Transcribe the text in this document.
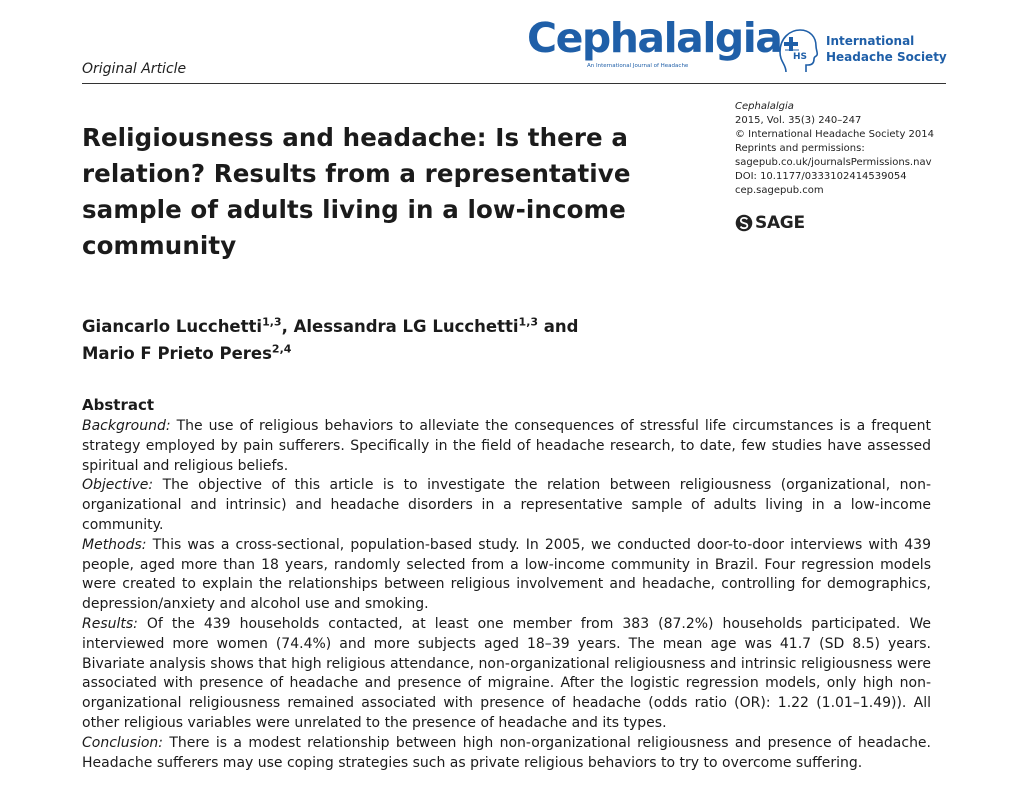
Original Article
Cephalalgia
An International Journal of Headache
HS
International
Headache Society
Religiousness and headache: Is there a relation? Results from a representative sample of adults living in a low-income community
Cephalalgia
2015, Vol. 35(3) 240–247
© International Headache Society 2014
Reprints and permissions:
sagepub.co.uk/journalsPermissions.nav
DOI: 10.1177/0333102414539054
cep.sagepub.com
SAGE
Giancarlo Lucchetti$^{1,3}$, Alessandra LG Lucchetti$^{1,3}$ and
Mario F Prieto Peres$^{2,4}$
Abstract

Background: The use of religious behaviors to alleviate the consequences of stressful life circumstances is a frequent strategy employed by pain sufferers. Specifically in the field of headache research, to date, few studies have assessed spiritual and religious beliefs.

Objective: The objective of this article is to investigate the relation between religiousness (organizational, non-organizational and intrinsic) and headache disorders in a representative sample of adults living in a low-income community.

Methods: This was a cross-sectional, population-based study. In 2005, we conducted door-to-door interviews with 439 people, aged more than 18 years, randomly selected from a low-income community in Brazil. Four regression models were created to explain the relationships between religious involvement and headache, controlling for demographics, depression/anxiety and alcohol use and smoking.

Results: Of the 439 households contacted, at least one member from 383 (87.2%) households participated. We interviewed more women (74.4%) and more subjects aged 18–39 years. The mean age was 41.7 (SD 8.5) years. Bivariate analysis shows that high religious attendance, non-organizational religiousness and intrinsic religiousness were associated with presence of headache and presence of migraine. After the logistic regression models, only high non-organizational religiousness remained associated with presence of headache (odds ratio (OR): 1.22 (1.01–1.49)). All other religious variables were unrelated to the presence of headache and its types.

Conclusion: There is a modest relationship between high non-organizational religiousness and presence of headache. Headache sufferers may use coping strategies such as private religious behaviors to try to overcome suffering.
